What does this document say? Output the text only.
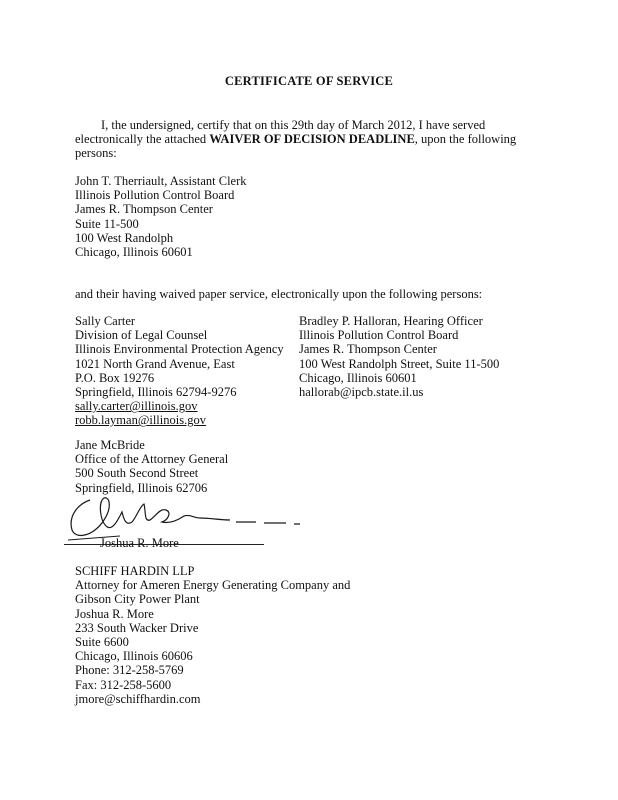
CERTIFICATE OF SERVICE
I, the undersigned, certify that on this 29th day of March 2012, I have served
electronically the attached WAIVER OF DECISION DEADLINE, upon the following
persons:
John T. Therriault, Assistant Clerk
Illinois Pollution Control Board
James R. Thompson Center
Suite 11-500
100 West Randolph
Chicago, Illinois 60601
and their having waived paper service, electronically upon the following persons:
Sally Carter
Division of Legal Counsel
Illinois Environmental Protection Agency
1021 North Grand Avenue, East
P.O. Box 19276
Springfield, Illinois 62794-9276
sally.carter@illinois.gov
robb.layman@illinois.gov
Bradley P. Halloran, Hearing Officer
Illinois Pollution Control Board
James R. Thompson Center
100 West Randolph Street, Suite 11-500
Chicago, Illinois 60601
hallorab@ipcb.state.il.us
Jane McBride
Office of the Attorney General
500 South Second Street
Springfield, Illinois 62706
Joshua R. More
SCHIFF HARDIN LLP
Attorney for Ameren Energy Generating Company and
Gibson City Power Plant
Joshua R. More
233 South Wacker Drive
Suite 6600
Chicago, Illinois 60606
Phone: 312-258-5769
Fax: 312-258-5600
jmore@schiffhardin.com
